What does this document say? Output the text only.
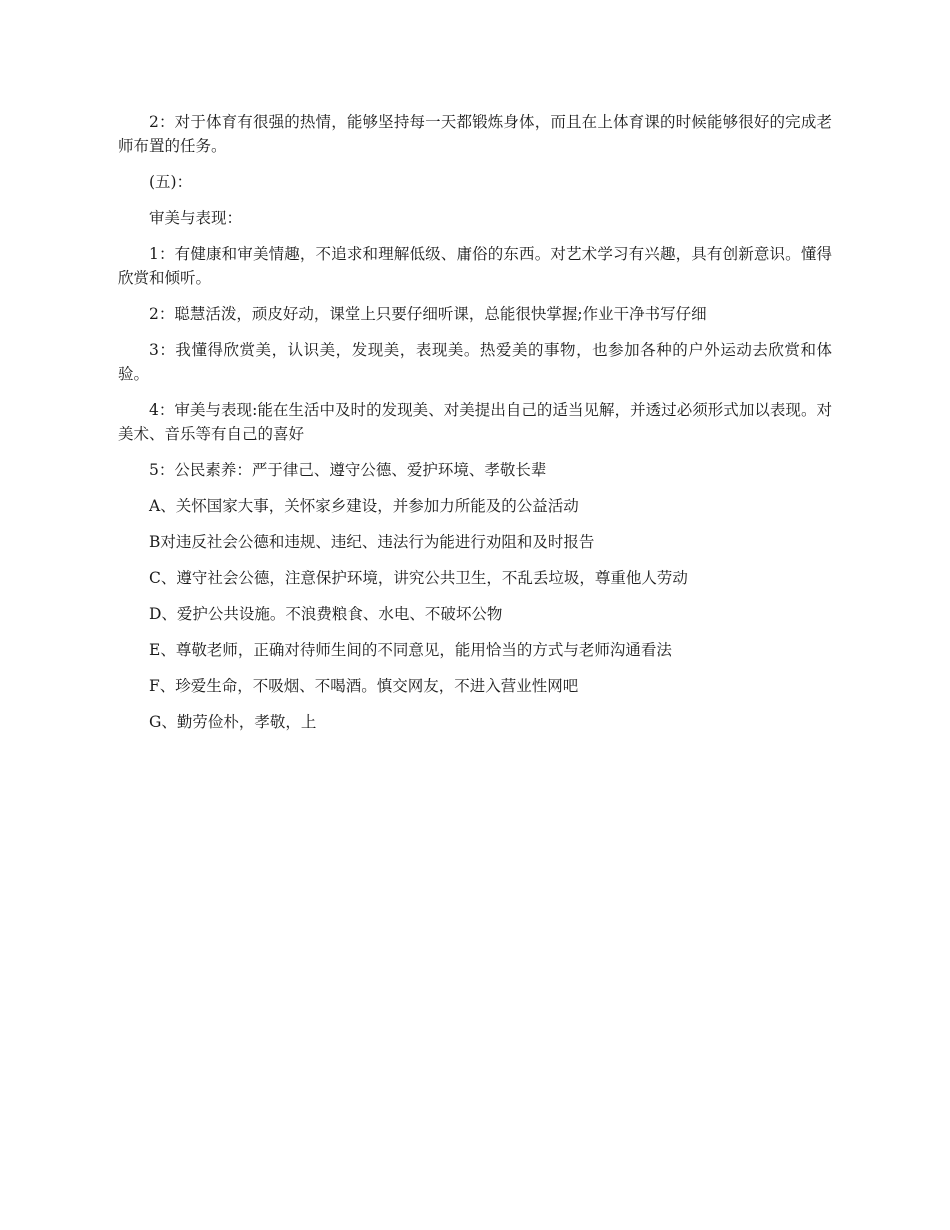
2：对于体育有很强的热情，能够坚持每一天都锻炼身体，而且在上体育课的时候能够很好的完成老师布置的任务。

(五)：

审美与表现：

1：有健康和审美情趣，不追求和理解低级、庸俗的东西。对艺术学习有兴趣，具有创新意识。懂得欣赏和倾听。

2：聪慧活泼，顽皮好动，课堂上只要仔细听课，总能很快掌握;作业干净书写仔细

3：我懂得欣赏美，认识美，发现美，表现美。热爱美的事物，也参加各种的户外运动去欣赏和体验。

4：审美与表现:能在生活中及时的发现美、对美提出自己的适当见解，并透过必须形式加以表现。对美术、音乐等有自己的喜好

5：公民素养：严于律己、遵守公德、爱护环境、孝敬长辈

A、关怀国家大事，关怀家乡建设，并参加力所能及的公益活动

B对违反社会公德和违规、违纪、违法行为能进行劝阻和及时报告

C、遵守社会公德，注意保护环境，讲究公共卫生，不乱丢垃圾，尊重他人劳动

D、爱护公共设施。不浪费粮食、水电、不破坏公物

E、尊敬老师，正确对待师生间的不同意见，能用恰当的方式与老师沟通看法

F、珍爱生命，不吸烟、不喝酒。慎交网友，不进入营业性网吧

G、勤劳俭朴，孝敬，上
